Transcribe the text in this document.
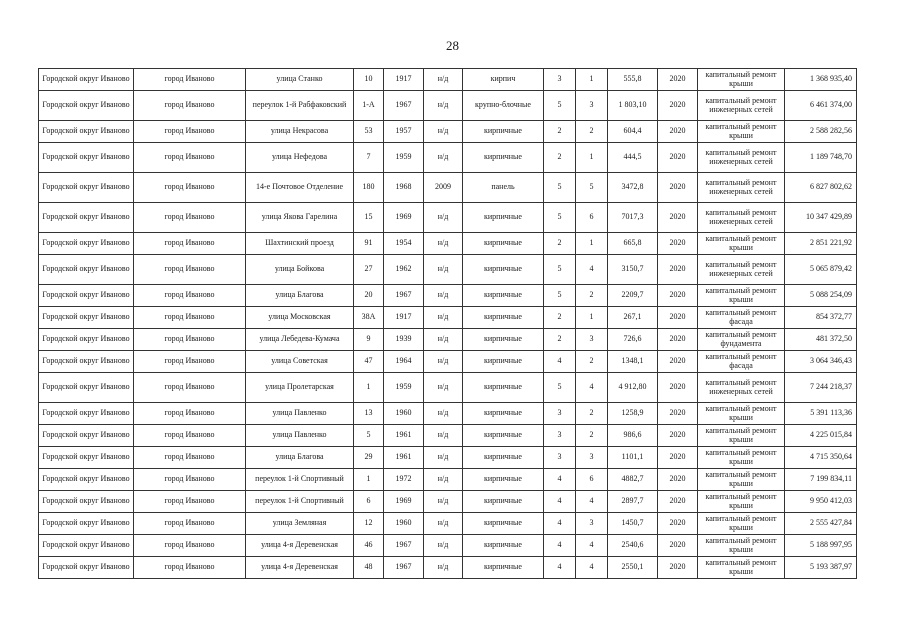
28
Городской округ Иваново	город Иваново	улица Станко	10	1917	н/д	кирпич	3	1	555,8	2020	капитальный ремонт крыши	1 368 935,40
Городской округ Иваново	город Иваново	переулок 1-й Рабфаковский	1-А	1967	н/д	крупно-блочные	5	3	1 803,10	2020	капитальный ремонт инженерных сетей	6 461 374,00
Городской округ Иваново	город Иваново	улица Некрасова	53	1957	н/д	кирпичные	2	2	604,4	2020	капитальный ремонт крыши	2 588 282,56
Городской округ Иваново	город Иваново	улица Нефедова	7	1959	н/д	кирпичные	2	1	444,5	2020	капитальный ремонт инженерных сетей	1 189 748,70
Городской округ Иваново	город Иваново	14-е Почтовое Отделение	180	1968	2009	панель	5	5	3472,8	2020	капитальный ремонт инженерных сетей	6 827 802,62
Городской округ Иваново	город Иваново	улица Якова Гарелина	15	1969	н/д	кирпичные	5	6	7017,3	2020	капитальный ремонт инженерных сетей	10 347 429,89
Городской округ Иваново	город Иваново	Шахтинский проезд	91	1954	н/д	кирпичные	2	1	665,8	2020	капитальный ремонт крыши	2 851 221,92
Городской округ Иваново	город Иваново	улица Бойкова	27	1962	н/д	кирпичные	5	4	3150,7	2020	капитальный ремонт инженерных сетей	5 065 879,42
Городской округ Иваново	город Иваново	улица Благова	20	1967	н/д	кирпичные	5	2	2209,7	2020	капитальный ремонт крыши	5 088 254,09
Городской округ Иваново	город Иваново	улица Московская	38А	1917	н/д	кирпичные	2	1	267,1	2020	капитальный ремонт фасада	854 372,77
Городской округ Иваново	город Иваново	улица Лебедева-Кумача	9	1939	н/д	кирпичные	2	3	726,6	2020	капитальный ремонт фундамента	481 372,50
Городской округ Иваново	город Иваново	улица Советская	47	1964	н/д	кирпичные	4	2	1348,1	2020	капитальный ремонт фасада	3 064 346,43
Городской округ Иваново	город Иваново	улица Пролетарская	1	1959	н/д	кирпичные	5	4	4 912,80	2020	капитальный ремонт инженерных сетей	7 244 218,37
Городской округ Иваново	город Иваново	улица Павленко	13	1960	н/д	кирпичные	3	2	1258,9	2020	капитальный ремонт крыши	5 391 113,36
Городской округ Иваново	город Иваново	улица Павленко	5	1961	н/д	кирпичные	3	2	986,6	2020	капитальный ремонт крыши	4 225 015,84
Городской округ Иваново	город Иваново	улица Благова	29	1961	н/д	кирпичные	3	3	1101,1	2020	капитальный ремонт крыши	4 715 350,64
Городской округ Иваново	город Иваново	переулок 1-й Спортивный	1	1972	н/д	кирпичные	4	6	4882,7	2020	капитальный ремонт крыши	7 199 834,11
Городской округ Иваново	город Иваново	переулок 1-й Спортивный	6	1969	н/д	кирпичные	4	4	2897,7	2020	капитальный ремонт крыши	9 950 412,03
Городской округ Иваново	город Иваново	улица Земляная	12	1960	н/д	кирпичные	4	3	1450,7	2020	капитальный ремонт крыши	2 555 427,84
Городской округ Иваново	город Иваново	улица 4-я Деревенская	46	1967	н/д	кирпичные	4	4	2540,6	2020	капитальный ремонт крыши	5 188 997,95
Городской округ Иваново	город Иваново	улица 4-я Деревенская	48	1967	н/д	кирпичные	4	4	2550,1	2020	капитальный ремонт крыши	5 193 387,97
